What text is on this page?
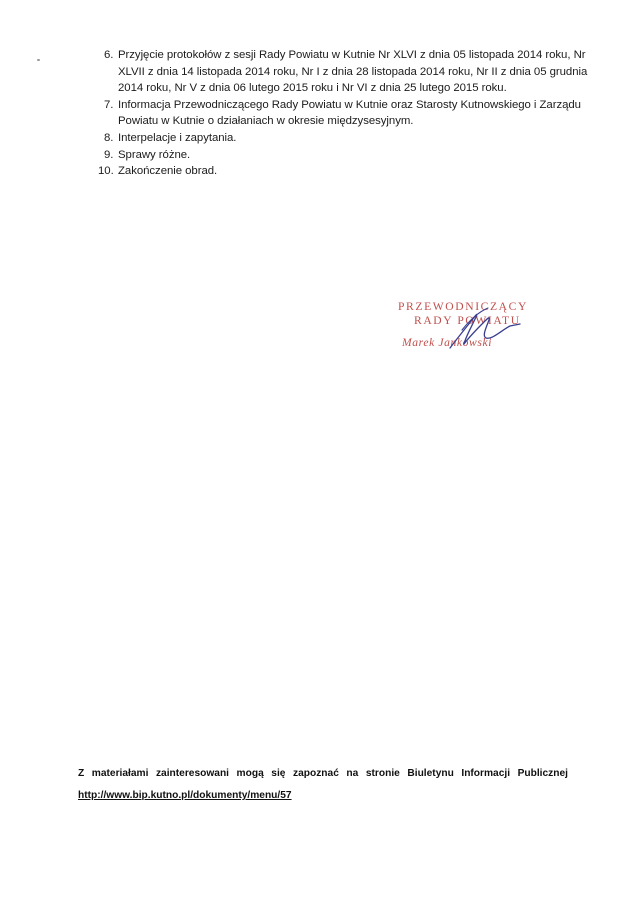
6. Przyjęcie protokołów z sesji Rady Powiatu w Kutnie Nr XLVI z dnia 05 listopada 2014 roku, Nr
XLVII z dnia 14 listopada 2014 roku, Nr I z dnia 28 listopada 2014 roku, Nr II z dnia 05 grudnia
2014 roku, Nr V z dnia 06 lutego 2015 roku i Nr VI z dnia 25 lutego 2015 roku.
7. Informacja Przewodniczącego Rady Powiatu w Kutnie oraz Starosty Kutnowskiego i Zarządu
Powiatu w Kutnie o działaniach w okresie międzysesyjnym.
8. Interpelacje i zapytania.
9. Sprawy różne.
10. Zakończenie obrad.
PRZEWODNICZĄCY
RADY POWIATU
Marek Jankowski
Z materiałami zainteresowani mogą się zapoznać na stronie Biuletynu Informacji Publicznej
http://www.bip.kutno.pl/dokumenty/menu/57
